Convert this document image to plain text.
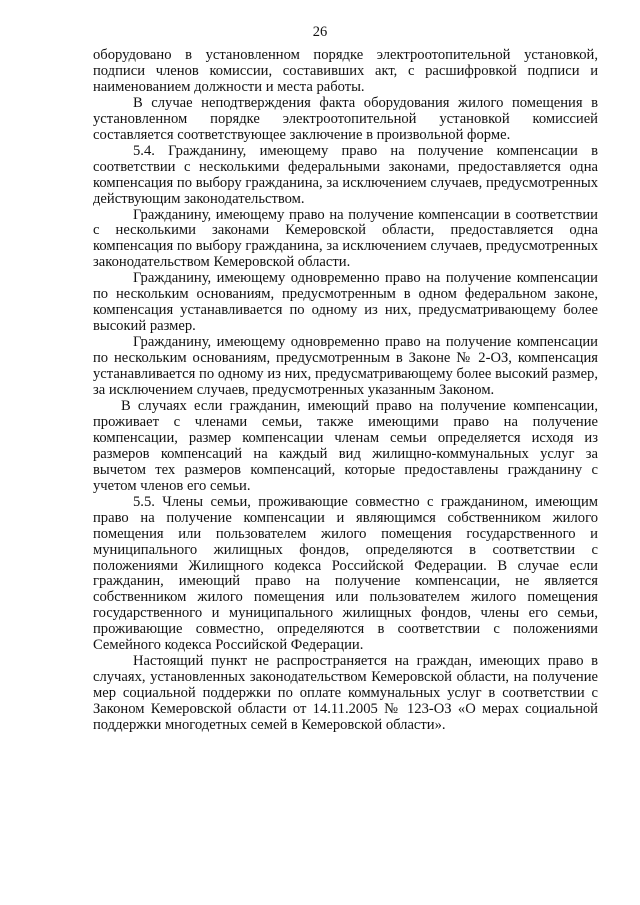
26

оборудовано в установленном порядке электроотопительной установкой, подписи членов комиссии, составивших акт, с расшифровкой подписи и наименованием должности и места работы.

В случае неподтверждения факта оборудования жилого помещения в установленном порядке электроотопительной установкой комиссией составляется соответствующее заключение в произвольной форме.

5.4. Гражданину, имеющему право на получение компенсации в соответствии с несколькими федеральными законами, предоставляется одна компенсация по выбору гражданина, за исключением случаев, предусмотренных действующим законодательством.

Гражданину, имеющему право на получение компенсации в соответствии с несколькими законами Кемеровской области, предоставляется одна компенсация по выбору гражданина, за исключением случаев, предусмотренных законодательством Кемеровской области.

Гражданину, имеющему одновременно право на получение компенсации по нескольким основаниям, предусмотренным в одном федеральном законе, компенсация устанавливается по одному из них, предусматривающему более высокий размер.

Гражданину, имеющему одновременно право на получение компенсации по нескольким основаниям, предусмотренным в Законе № 2-ОЗ, компенсация устанавливается по одному из них, предусматривающему более высокий размер, за исключением случаев, предусмотренных указанным Законом.

В случаях если гражданин, имеющий право на получение компенсации, проживает с членами семьи, также имеющими право на получение компенсации, размер компенсации членам семьи определяется исходя из размеров компенсаций на каждый вид жилищно-коммунальных услуг за вычетом тех размеров компенсаций, которые предоставлены гражданину с учетом членов его семьи.

5.5. Члены семьи, проживающие совместно с гражданином, имеющим право на получение компенсации и являющимся собственником жилого помещения или пользователем жилого помещения государственного и муниципального жилищных фондов, определяются в соответствии с положениями Жилищного кодекса Российской Федерации. В случае если гражданин, имеющий право на получение компенсации, не является собственником жилого помещения или пользователем жилого помещения государственного и муниципального жилищных фондов, члены его семьи, проживающие совместно, определяются в соответствии с положениями Семейного кодекса Российской Федерации.

Настоящий пункт не распространяется на граждан, имеющих право в случаях, установленных законодательством Кемеровской области, на получение мер социальной поддержки по оплате коммунальных услуг в соответствии с Законом Кемеровской области от 14.11.2005 № 123-ОЗ «О мерах социальной поддержки многодетных семей в Кемеровской области».
